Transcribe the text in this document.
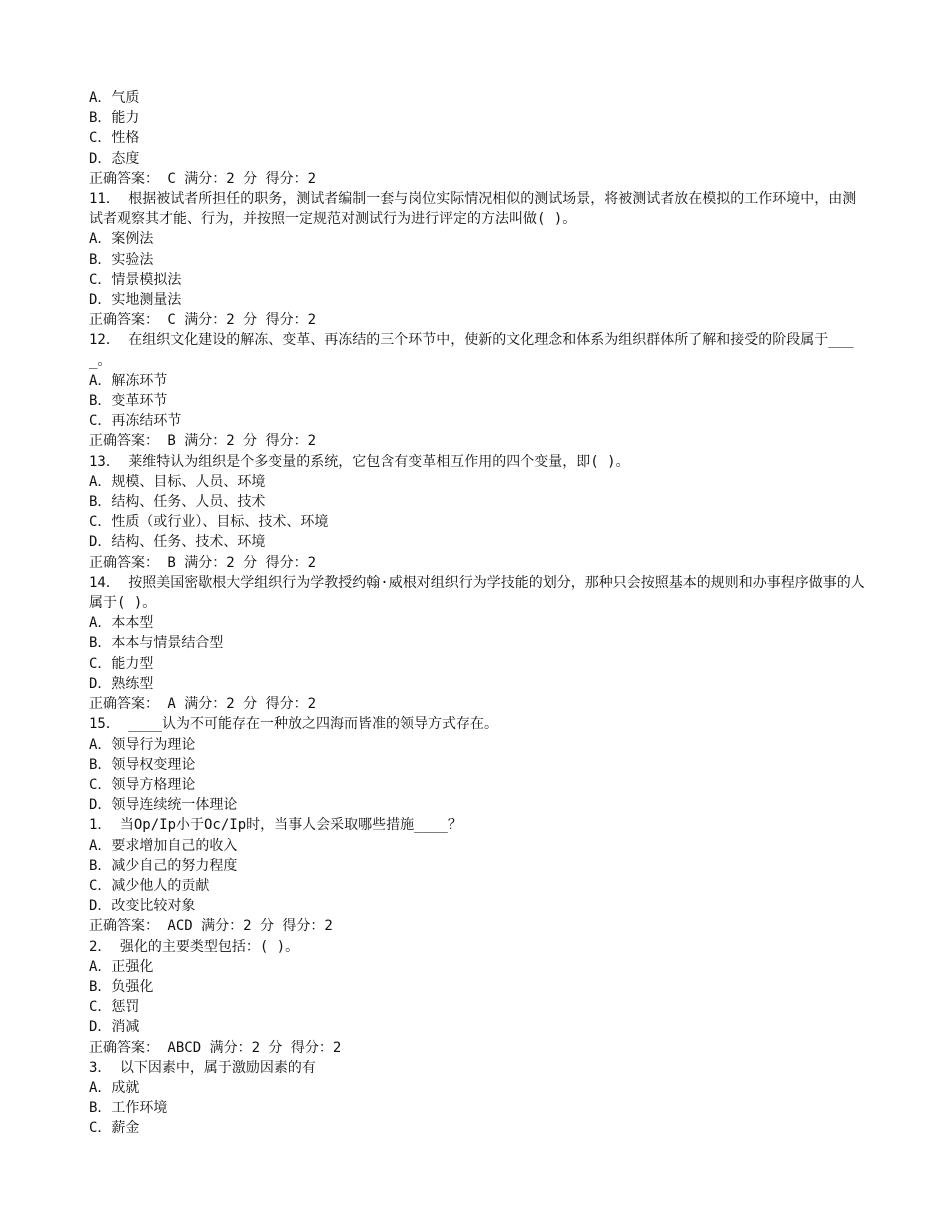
A．气质

B．能力

C．性格

D．态度

正确答案： C 满分：2 分 得分：2

11． 根据被试者所担任的职务，测试者编制一套与岗位实际情况相似的测试场景，将被测试者放在模拟的工作环境中，由测试者观察其才能、行为，并按照一定规范对测试行为进行评定的方法叫做( )。

A．案例法

B．实验法

C．情景模拟法

D．实地测量法

正确答案： C 满分：2 分 得分：2

12． 在组织文化建设的解冻、变革、再冻结的三个环节中，使新的文化理念和体系为组织群体所了解和接受的阶段属于____。

A．解冻环节

B．变革环节

C．再冻结环节

正确答案： B 满分：2 分 得分：2

13． 莱维特认为组织是个多变量的系统，它包含有变革相互作用的四个变量，即( )。

A．规模、目标、人员、环境

B．结构、任务、人员、技术

C．性质（或行业）、目标、技术、环境

D．结构、任务、技术、环境

正确答案： B 满分：2 分 得分：2

14． 按照美国密歇根大学组织行为学教授约翰·威根对组织行为学技能的划分，那种只会按照基本的规则和办事程序做事的人属于( )。

A．本本型

B．本本与情景结合型

C．能力型

D．熟练型

正确答案： A 满分：2 分 得分：2

15． ____认为不可能存在一种放之四海而皆准的领导方式存在。

A．领导行为理论

B．领导权变理论

C．领导方格理论

D．领导连续统一体理论

1． 当Op/Ip小于Oc/Ip时，当事人会采取哪些措施____？

A．要求增加自己的收入

B．减少自己的努力程度

C．减少他人的贡献

D．改变比较对象

正确答案： ACD 满分：2 分 得分：2

2． 强化的主要类型包括：( )。

A．正强化

B．负强化

C．惩罚

D．消减

正确答案： ABCD 满分：2 分 得分：2

3． 以下因素中，属于激励因素的有

A．成就

B．工作环境

C．薪金
